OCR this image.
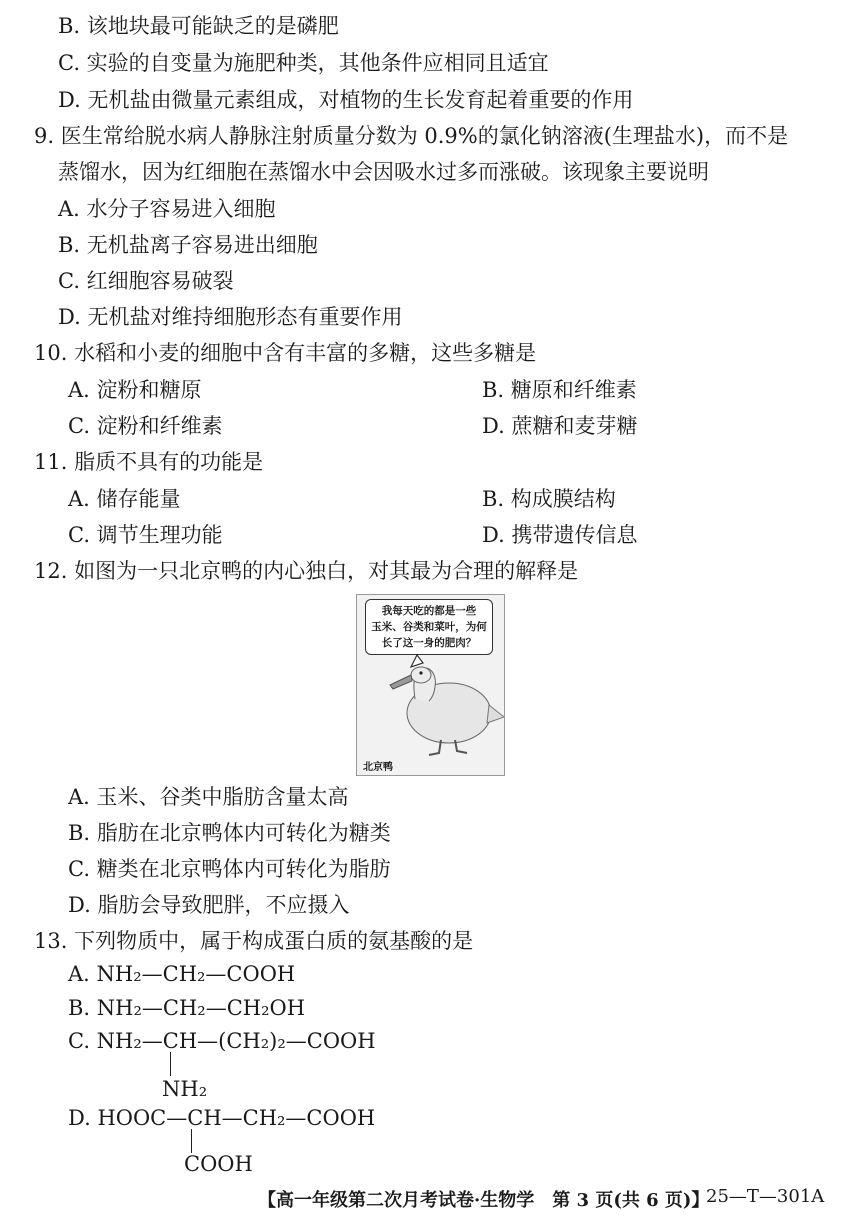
B. 该地块最可能缺乏的是磷肥
C. 实验的自变量为施肥种类，其他条件应相同且适宜
D. 无机盐由微量元素组成，对植物的生长发育起着重要的作用
9. 医生常给脱水病人静脉注射质量分数为 0.9%的氯化钠溶液(生理盐水)，而不是
蒸馏水，因为红细胞在蒸馏水中会因吸水过多而涨破。该现象主要说明
A. 水分子容易进入细胞
B. 无机盐离子容易进出细胞
C. 红细胞容易破裂
D. 无机盐对维持细胞形态有重要作用
10. 水稻和小麦的细胞中含有丰富的多糖，这些多糖是
A. 淀粉和糖原	B. 糖原和纤维素
C. 淀粉和纤维素	D. 蔗糖和麦芽糖
11. 脂质不具有的功能是
A. 储存能量	B. 构成膜结构
C. 调节生理功能	D. 携带遗传信息
12. 如图为一只北京鸭的内心独白，对其最为合理的解释是
我每天吃的都是一些
玉米、谷类和菜叶，为何
长了这一身的肥肉？
北京鸭
A. 玉米、谷类中脂肪含量太高
B. 脂肪在北京鸭体内可转化为糖类
C. 糖类在北京鸭体内可转化为脂肪
D. 脂肪会导致肥胖，不应摄入
13. 下列物质中，属于构成蛋白质的氨基酸的是
A. NH₂—CH₂—COOH
B. NH₂—CH₂—CH₂OH
C. NH₂—CH—(CH₂)₂—COOH
NH₂
D. HOOC—CH—CH₂—COOH
COOH
【高一年级第二次月考试卷·生物学　第 3 页(共 6 页)】
25—T—301A
